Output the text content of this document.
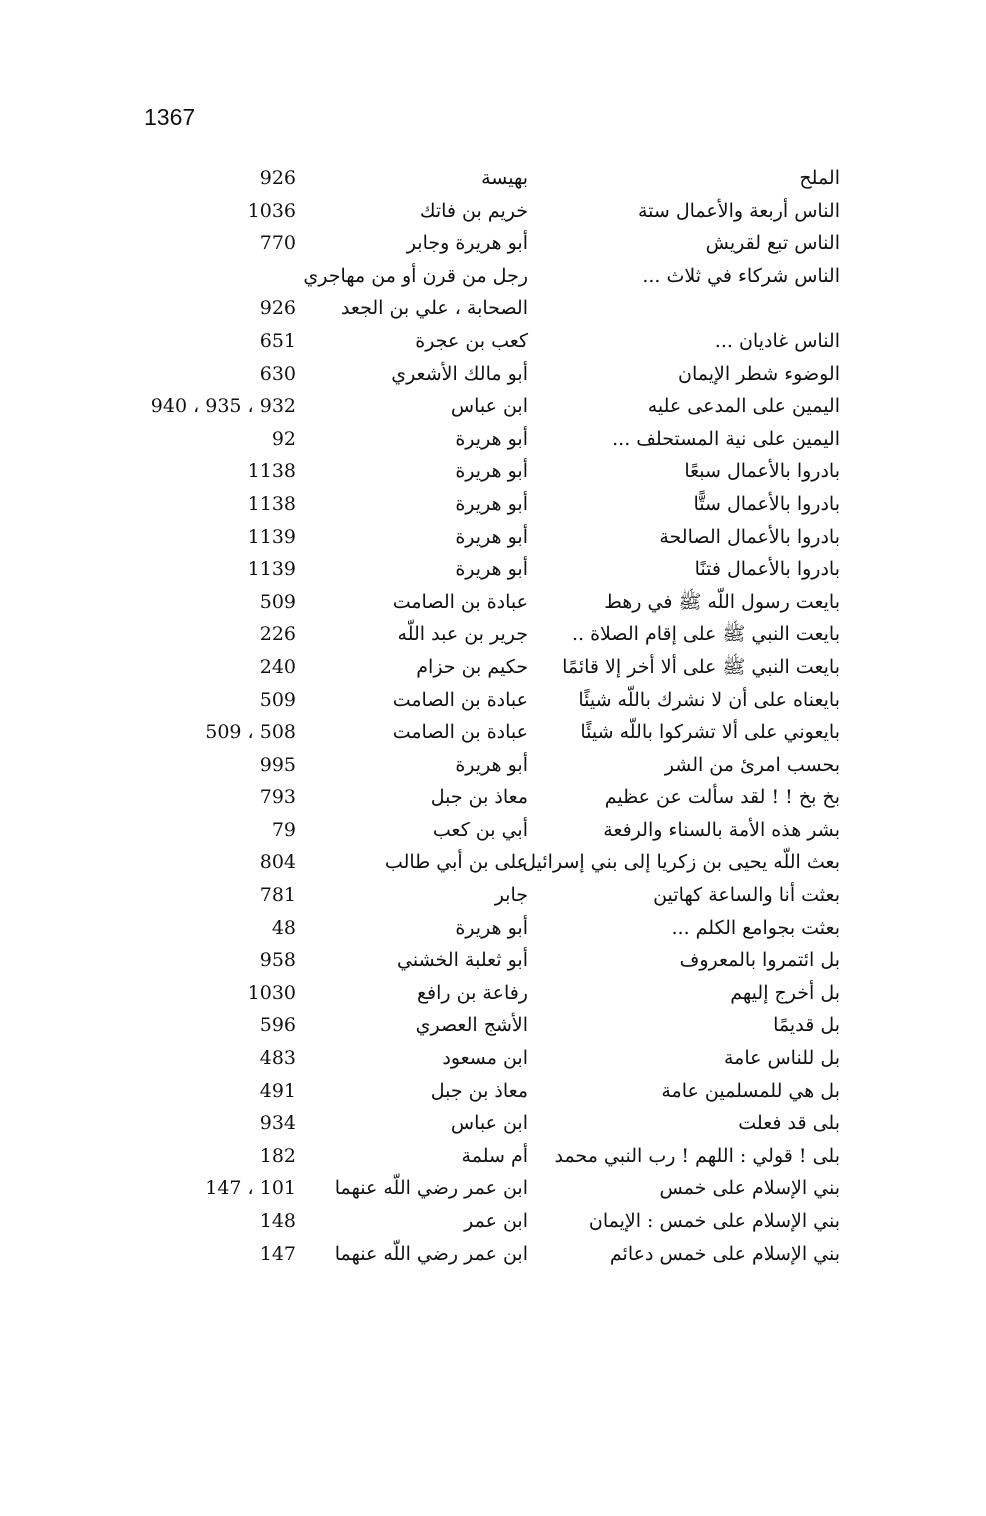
1367
الملح
بهيسة
926
الناس أربعة والأعمال ستة
خريم بن فاتك
1036
الناس تبع لقريش
أبو هريرة وجابر
770
الناس شركاء في ثلاث ...
رجل من قرن أو من مهاجري
الصحابة ، علي بن الجعد
926
الناس غاديان ...
كعب بن عجرة
651
الوضوء شطر الإيمان
أبو مالك الأشعري
630
اليمين على المدعى عليه
ابن عباس
932 ، 935 ، 940
اليمين على نية المستحلف ...
أبو هريرة
92
بادروا بالأعمال سبعًا
أبو هريرة
1138
بادروا بالأعمال ستًّا
أبو هريرة
1138
بادروا بالأعمال الصالحة
أبو هريرة
1139
بادروا بالأعمال فتنًا
أبو هريرة
1139
بايعت رسول اللّه ﷺ في رهط
عبادة بن الصامت
509
بايعت النبي ﷺ على إقام الصلاة ..
جرير بن عبد اللّه
226
بايعت النبي ﷺ على ألا أخر إلا قائمًا
حكيم بن حزام
240
بايعناه على أن لا نشرك باللّه شيئًا
عبادة بن الصامت
509
بايعوني على ألا تشركوا باللّه شيئًا
عبادة بن الصامت
508 ، 509
بحسب امرئ من الشر
أبو هريرة
995
بخ بخ ! ! لقد سألت عن عظيم
معاذ بن جبل
793
بشر هذه الأمة بالسناء والرفعة
أبي بن كعب
79
بعث اللّه يحيى بن زكريا إلى بني إسرائيل
على بن أبي طالب
804
بعثت أنا والساعة كهاتين
جابر
781
بعثت بجوامع الكلم ...
أبو هريرة
48
بل ائتمروا بالمعروف
أبو ثعلبة الخشني
958
بل أخرج إليهم
رفاعة بن رافع
1030
بل قديمًا
الأشج العصري
596
بل للناس عامة
ابن مسعود
483
بل هي للمسلمين عامة
معاذ بن جبل
491
بلى قد فعلت
ابن عباس
934
بلى ! قولي : اللهم ! رب النبي محمد
أم سلمة
182
بني الإسلام على خمس
ابن عمر رضي اللّه عنهما
101 ، 147
بني الإسلام على خمس : الإيمان
ابن عمر
148
بني الإسلام على خمس دعائم
ابن عمر رضي اللّه عنهما
147
